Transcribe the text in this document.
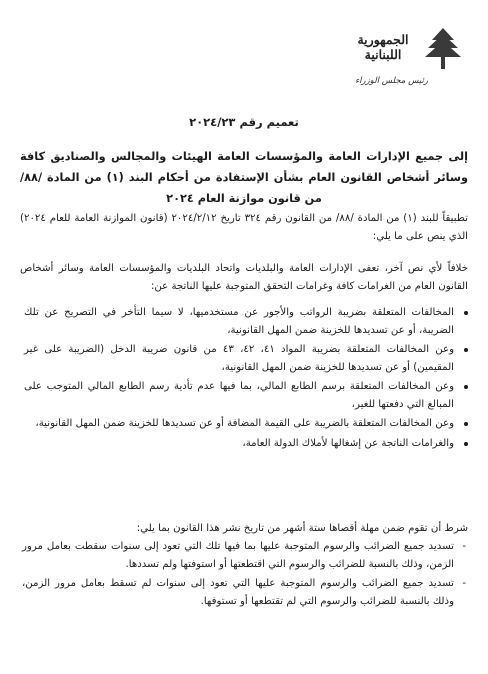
الجمهورية اللبنانية
رئيس مجلس الوزراء
تعميم رقم ٢٠٢٤/٢٣
إلى جميع الإدارات العامة والمؤسسات العامة الهيئات والمجالس والصناديق كافة وسائر أشخاص القانون العام بشأن الإستفادة من أحكام البند (١) من المادة /٨٨/ من قانون موازنة العام ٢٠٢٤
تطبيقاً للبند (١) من المادة /٨٨/ من القانون رقم ٣٢٤ تاريخ ٢٠٢٤/٢/١٢ (قانون الموازنة العامة للعام ٢٠٢٤) الذي ينص على ما يلي:
خلافاً لأي نص آخر، تعفى الإدارات العامة والبلديات واتحاد البلديات والمؤسسات العامة وسائر أشخاص القانون العام من الغرامات كافة وغرامات التحقق المتوجبة عليها الناتجة عن:
المخالفات المتعلقة بضريبة الرواتب والأجور عن مستخدميها، لا سيما التأخر في التصريح عن تلك الضريبة، أو عن تسديدها للخزينة ضمن المهل القانونية،
وعن المخالفات المتعلقة بضريبة المواد ٤١، ٤٢، ٤٣ من قانون ضريبة الدخل (الضريبة على غير المقيمين) أو عن تسديدها للخزينة ضمن المهل القانونية،
وعن المخالفات المتعلقة برسم الطابع المالي، بما فيها عدم تأدية رسم الطابع المالي المتوجب على المبالغ التي دفعتها للغير،
وعن المخالفات المتعلقة بالضريبة على القيمة المضافة أو عن تسديدها للخزينة ضمن المهل القانونية،
والغرامات الناتجة عن إشغالها لأملاك الدولة العامة،
شرط أن تقوم ضمن مهلة أقصاها ستة أشهر من تاريخ نشر هذا القانون بما يلي:
- تسديد جميع الضرائب والرسوم المتوجبة عليها بما فيها تلك التي تعود إلى سنوات سقطت بعامل مرور الزمن، وذلك بالنسبة للضرائب والرسوم التي اقتطعتها أو استوفتها ولم تسددها.
- تسديد جميع الضرائب والرسوم المتوجبة عليها التي تعود إلى سنوات لم تسقط بعامل مرور الزمن، وذلك بالنسبة للضرائب والرسوم التي لم تقتطعها أو تستوفها.
